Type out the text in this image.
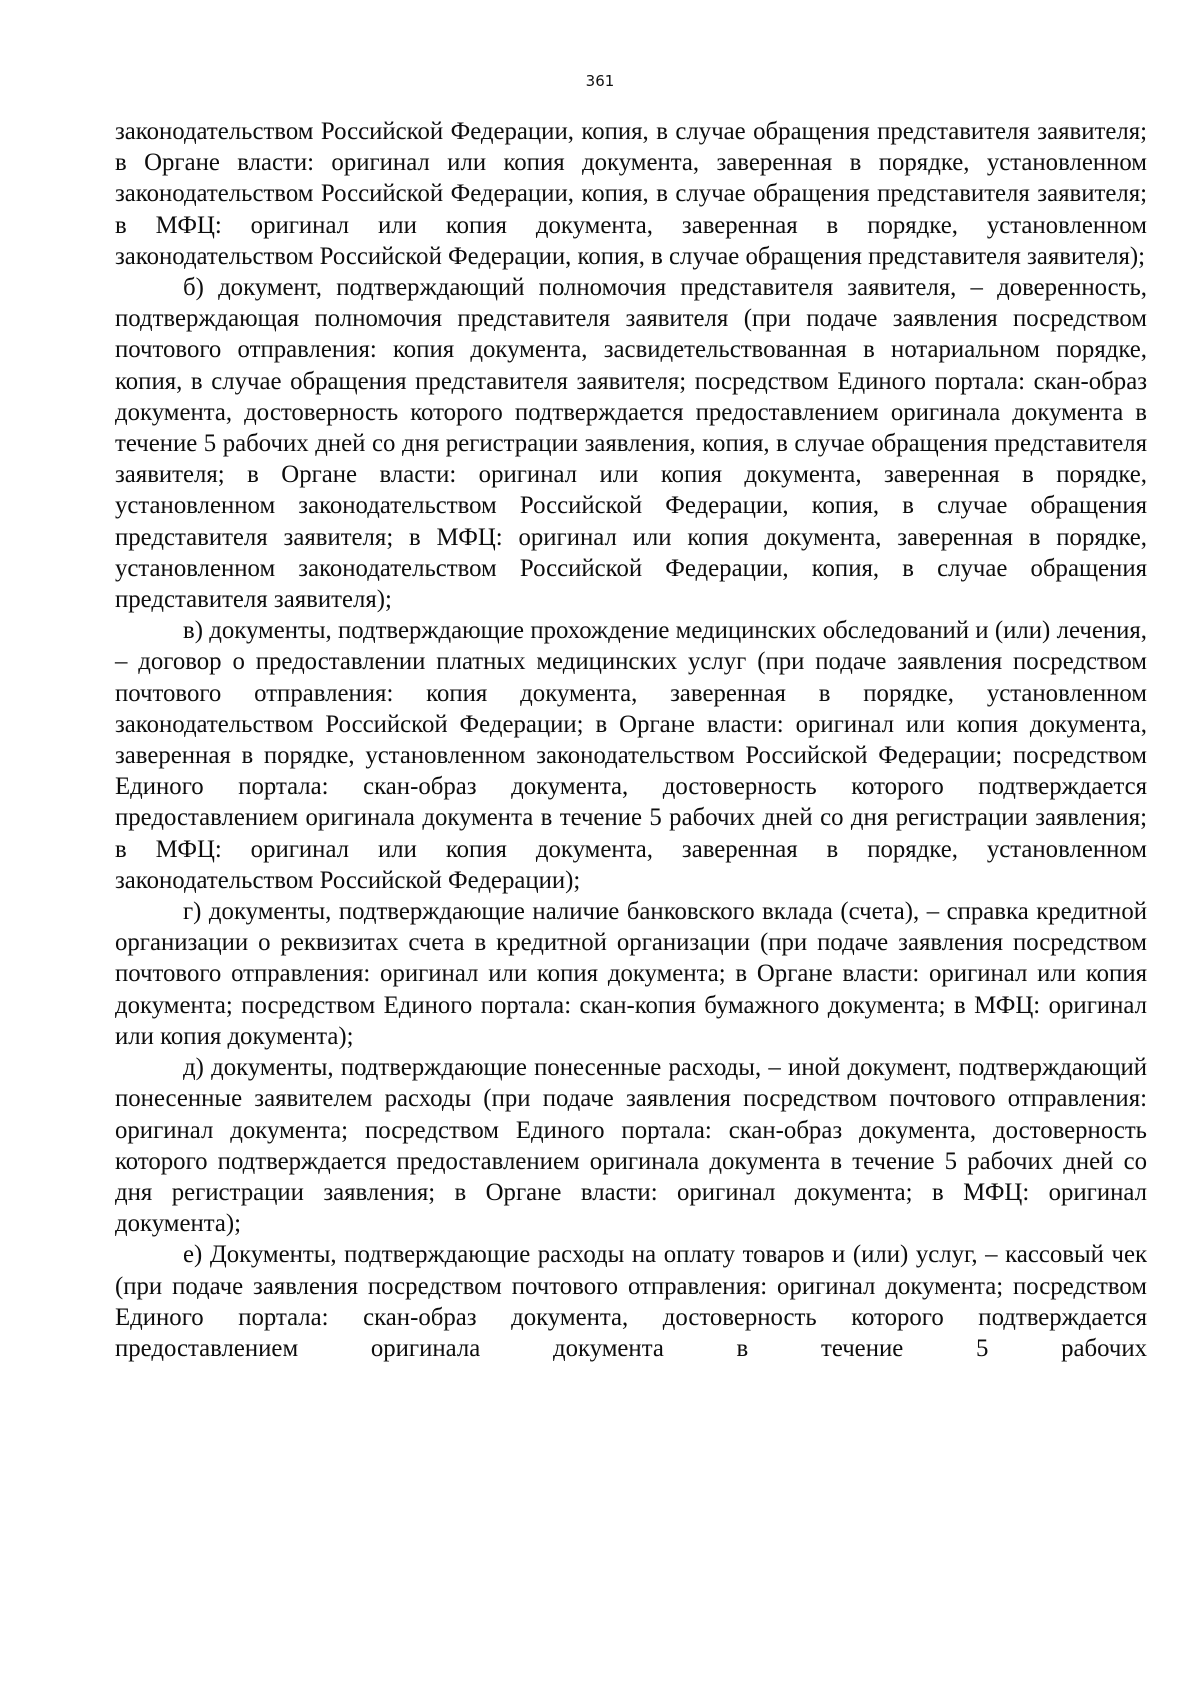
361

законодательством Российской Федерации, копия, в случае обращения представителя заявителя; в Органе власти: оригинал или копия документа, заверенная в порядке, установленном законодательством Российской Федерации, копия, в случае обращения представителя заявителя; в МФЦ: оригинал или копия документа, заверенная в порядке, установленном законодательством Российской Федерации, копия, в случае обращения представителя заявителя);

б) документ, подтверждающий полномочия представителя заявителя, – доверенность, подтверждающая полномочия представителя заявителя (при подаче заявления посредством почтового отправления: копия документа, засвидетельствованная в нотариальном порядке, копия, в случае обращения представителя заявителя; посредством Единого портала: скан-образ документа, достоверность которого подтверждается предоставлением оригинала документа в течение 5 рабочих дней со дня регистрации заявления, копия, в случае обращения представителя заявителя; в Органе власти: оригинал или копия документа, заверенная в порядке, установленном законодательством Российской Федерации, копия, в случае обращения представителя заявителя; в МФЦ: оригинал или копия документа, заверенная в порядке, установленном законодательством Российской Федерации, копия, в случае обращения представителя заявителя);

в) документы, подтверждающие прохождение медицинских обследований и (или) лечения, – договор о предоставлении платных медицинских услуг (при подаче заявления посредством почтового отправления: копия документа, заверенная в порядке, установленном законодательством Российской Федерации; в Органе власти: оригинал или копия документа, заверенная в порядке, установленном законодательством Российской Федерации; посредством Единого портала: скан-образ документа, достоверность которого подтверждается предоставлением оригинала документа в течение 5 рабочих дней со дня регистрации заявления; в МФЦ: оригинал или копия документа, заверенная в порядке, установленном законодательством Российской Федерации);

г) документы, подтверждающие наличие банковского вклада (счета), – справка кредитной организации о реквизитах счета в кредитной организации (при подаче заявления посредством почтового отправления: оригинал или копия документа; в Органе власти: оригинал или копия документа; посредством Единого портала: скан-копия бумажного документа; в МФЦ: оригинал или копия документа);

д) документы, подтверждающие понесенные расходы, – иной документ, подтверждающий понесенные заявителем расходы (при подаче заявления посредством почтового отправления: оригинал документа; посредством Единого портала: скан-образ документа, достоверность которого подтверждается предоставлением оригинала документа в течение 5 рабочих дней со дня регистрации заявления; в Органе власти: оригинал документа; в МФЦ: оригинал документа);

е) Документы, подтверждающие расходы на оплату товаров и (или) услуг, – кассовый чек (при подаче заявления посредством почтового отправления: оригинал документа; посредством Единого портала: скан-образ документа, достоверность которого подтверждается предоставлением оригинала документа в течение 5 рабочих
